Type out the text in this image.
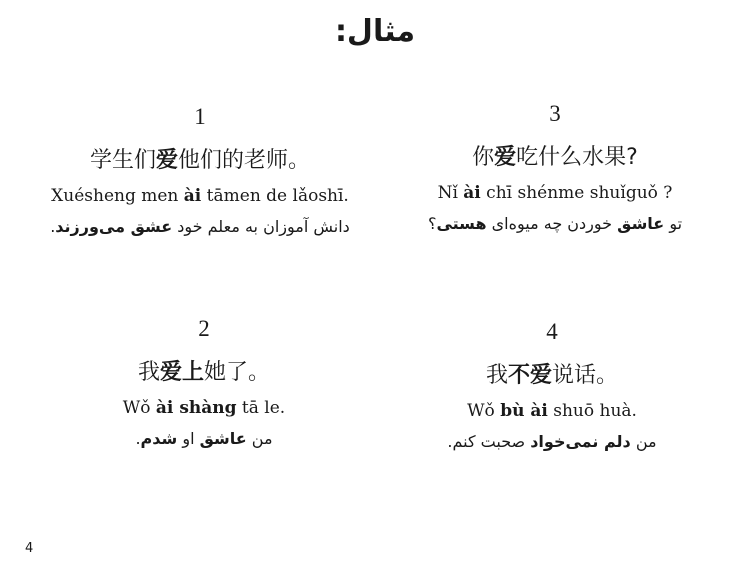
مثال:
1
学生们爱他们的老师。
Xuésheng men ài tāmen de lǎoshī.
دانش آموزان به معلم خود عشق می‌ورزند.
3
你爱吃什么水果?
Nǐ ài chī shénme shuǐguǒ ?
تو عاشق خوردن چه میوه‌ای هستی؟
2
我爱上她了。
Wǒ ài shàng tā le.
من عاشق او شدم.
4
我不爱说话。
Wǒ bù ài shuō huà.
من دلم نمی‌خواد صحبت کنم.
4
